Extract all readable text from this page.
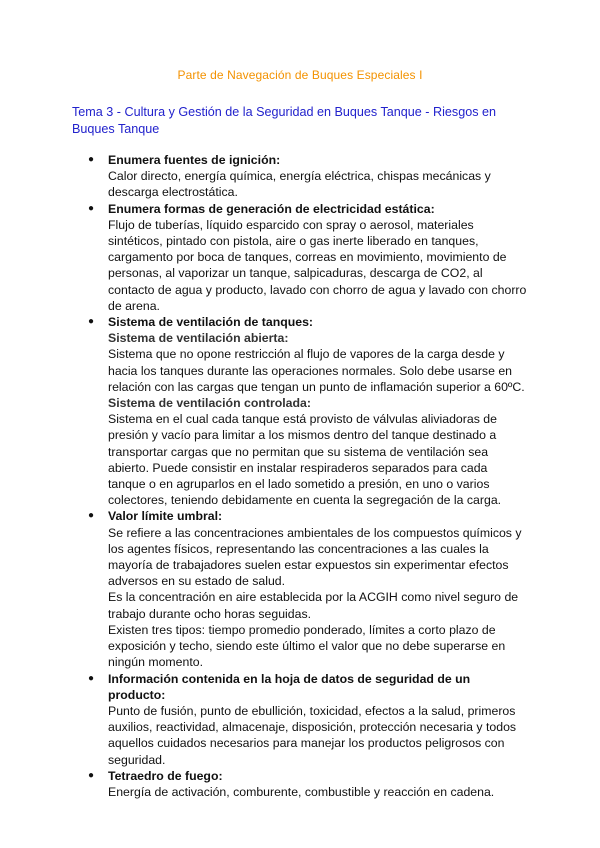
Parte de Navegación de Buques Especiales I
Tema 3 - Cultura y Gestión de la Seguridad en Buques Tanque - Riesgos en Buques Tanque
●	Enumera fuentes de ignición:
Calor directo, energía química, energía eléctrica, chispas mecánicas y descarga electrostática.
●	Enumera formas de generación de electricidad estática:
Flujo de tuberías, líquido esparcido con spray o aerosol, materiales sintéticos, pintado con pistola, aire o gas inerte liberado en tanques, cargamento por boca de tanques, correas en movimiento, movimiento de personas, al vaporizar un tanque, salpicaduras, descarga de CO2, al contacto de agua y producto, lavado con chorro de agua y lavado con chorro de arena.
●	Sistema de ventilación de tanques:
Sistema de ventilación abierta:
Sistema que no opone restricción al flujo de vapores de la carga desde y hacia los tanques durante las operaciones normales. Solo debe usarse en relación con las cargas que tengan un punto de inflamación superior a 60ºC.
Sistema de ventilación controlada:
Sistema en el cual cada tanque está provisto de válvulas aliviadoras de presión y vacío para limitar a los mismos dentro del tanque destinado a transportar cargas que no permitan que su sistema de ventilación sea abierto. Puede consistir en instalar respiraderos separados para cada tanque o en agruparlos en el lado sometido a presión, en uno o varios colectores, teniendo debidamente en cuenta la segregación de la carga.
●	Valor límite umbral:
Se refiere a las concentraciones ambientales de los compuestos químicos y los agentes físicos, representando las concentraciones a las cuales la mayoría de trabajadores suelen estar expuestos sin experimentar efectos adversos en su estado de salud.
Es la concentración en aire establecida por la ACGIH como nivel seguro de trabajo durante ocho horas seguidas.
Existen tres tipos: tiempo promedio ponderado, límites a corto plazo de exposición y techo, siendo este último el valor que no debe superarse en ningún momento.
●	Información contenida en la hoja de datos de seguridad de un producto:
Punto de fusión, punto de ebullición, toxicidad, efectos a la salud, primeros auxilios, reactividad, almacenaje, disposición, protección necesaria y todos aquellos cuidados necesarios para manejar los productos peligrosos con seguridad.
●	Tetraedro de fuego:
Energía de activación, comburente, combustible y reacción en cadena.
